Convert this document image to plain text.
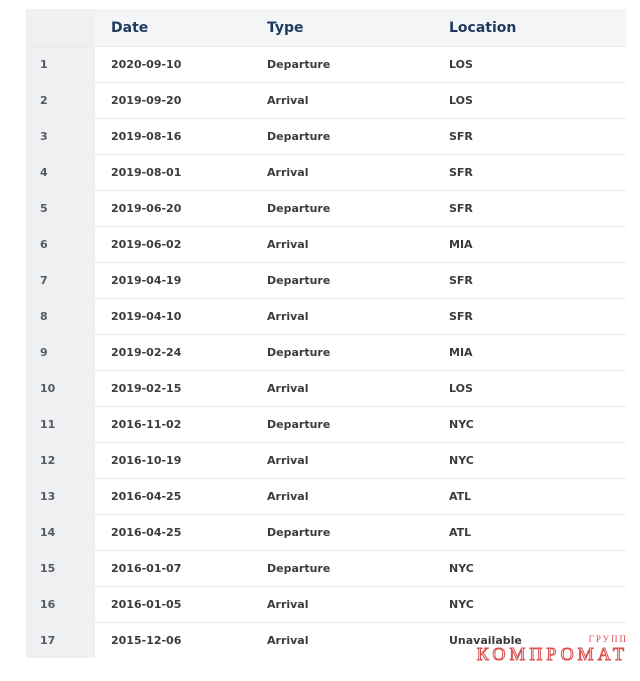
	Date	Type	Location
1	2020-09-10	Departure	LOS
2	2019-09-20	Arrival	LOS
3	2019-08-16	Departure	SFR
4	2019-08-01	Arrival	SFR
5	2019-06-20	Departure	SFR
6	2019-06-02	Arrival	MIA
7	2019-04-19	Departure	SFR
8	2019-04-10	Arrival	SFR
9	2019-02-24	Departure	MIA
10	2019-02-15	Arrival	LOS
11	2016-11-02	Departure	NYC
12	2016-10-19	Arrival	NYC
13	2016-04-25	Arrival	ATL
14	2016-04-25	Departure	ATL
15	2016-01-07	Departure	NYC
16	2016-01-05	Arrival	NYC
17	2015-12-06	Arrival	Unavailable	ГРУПП
КОМПРОМАТ
